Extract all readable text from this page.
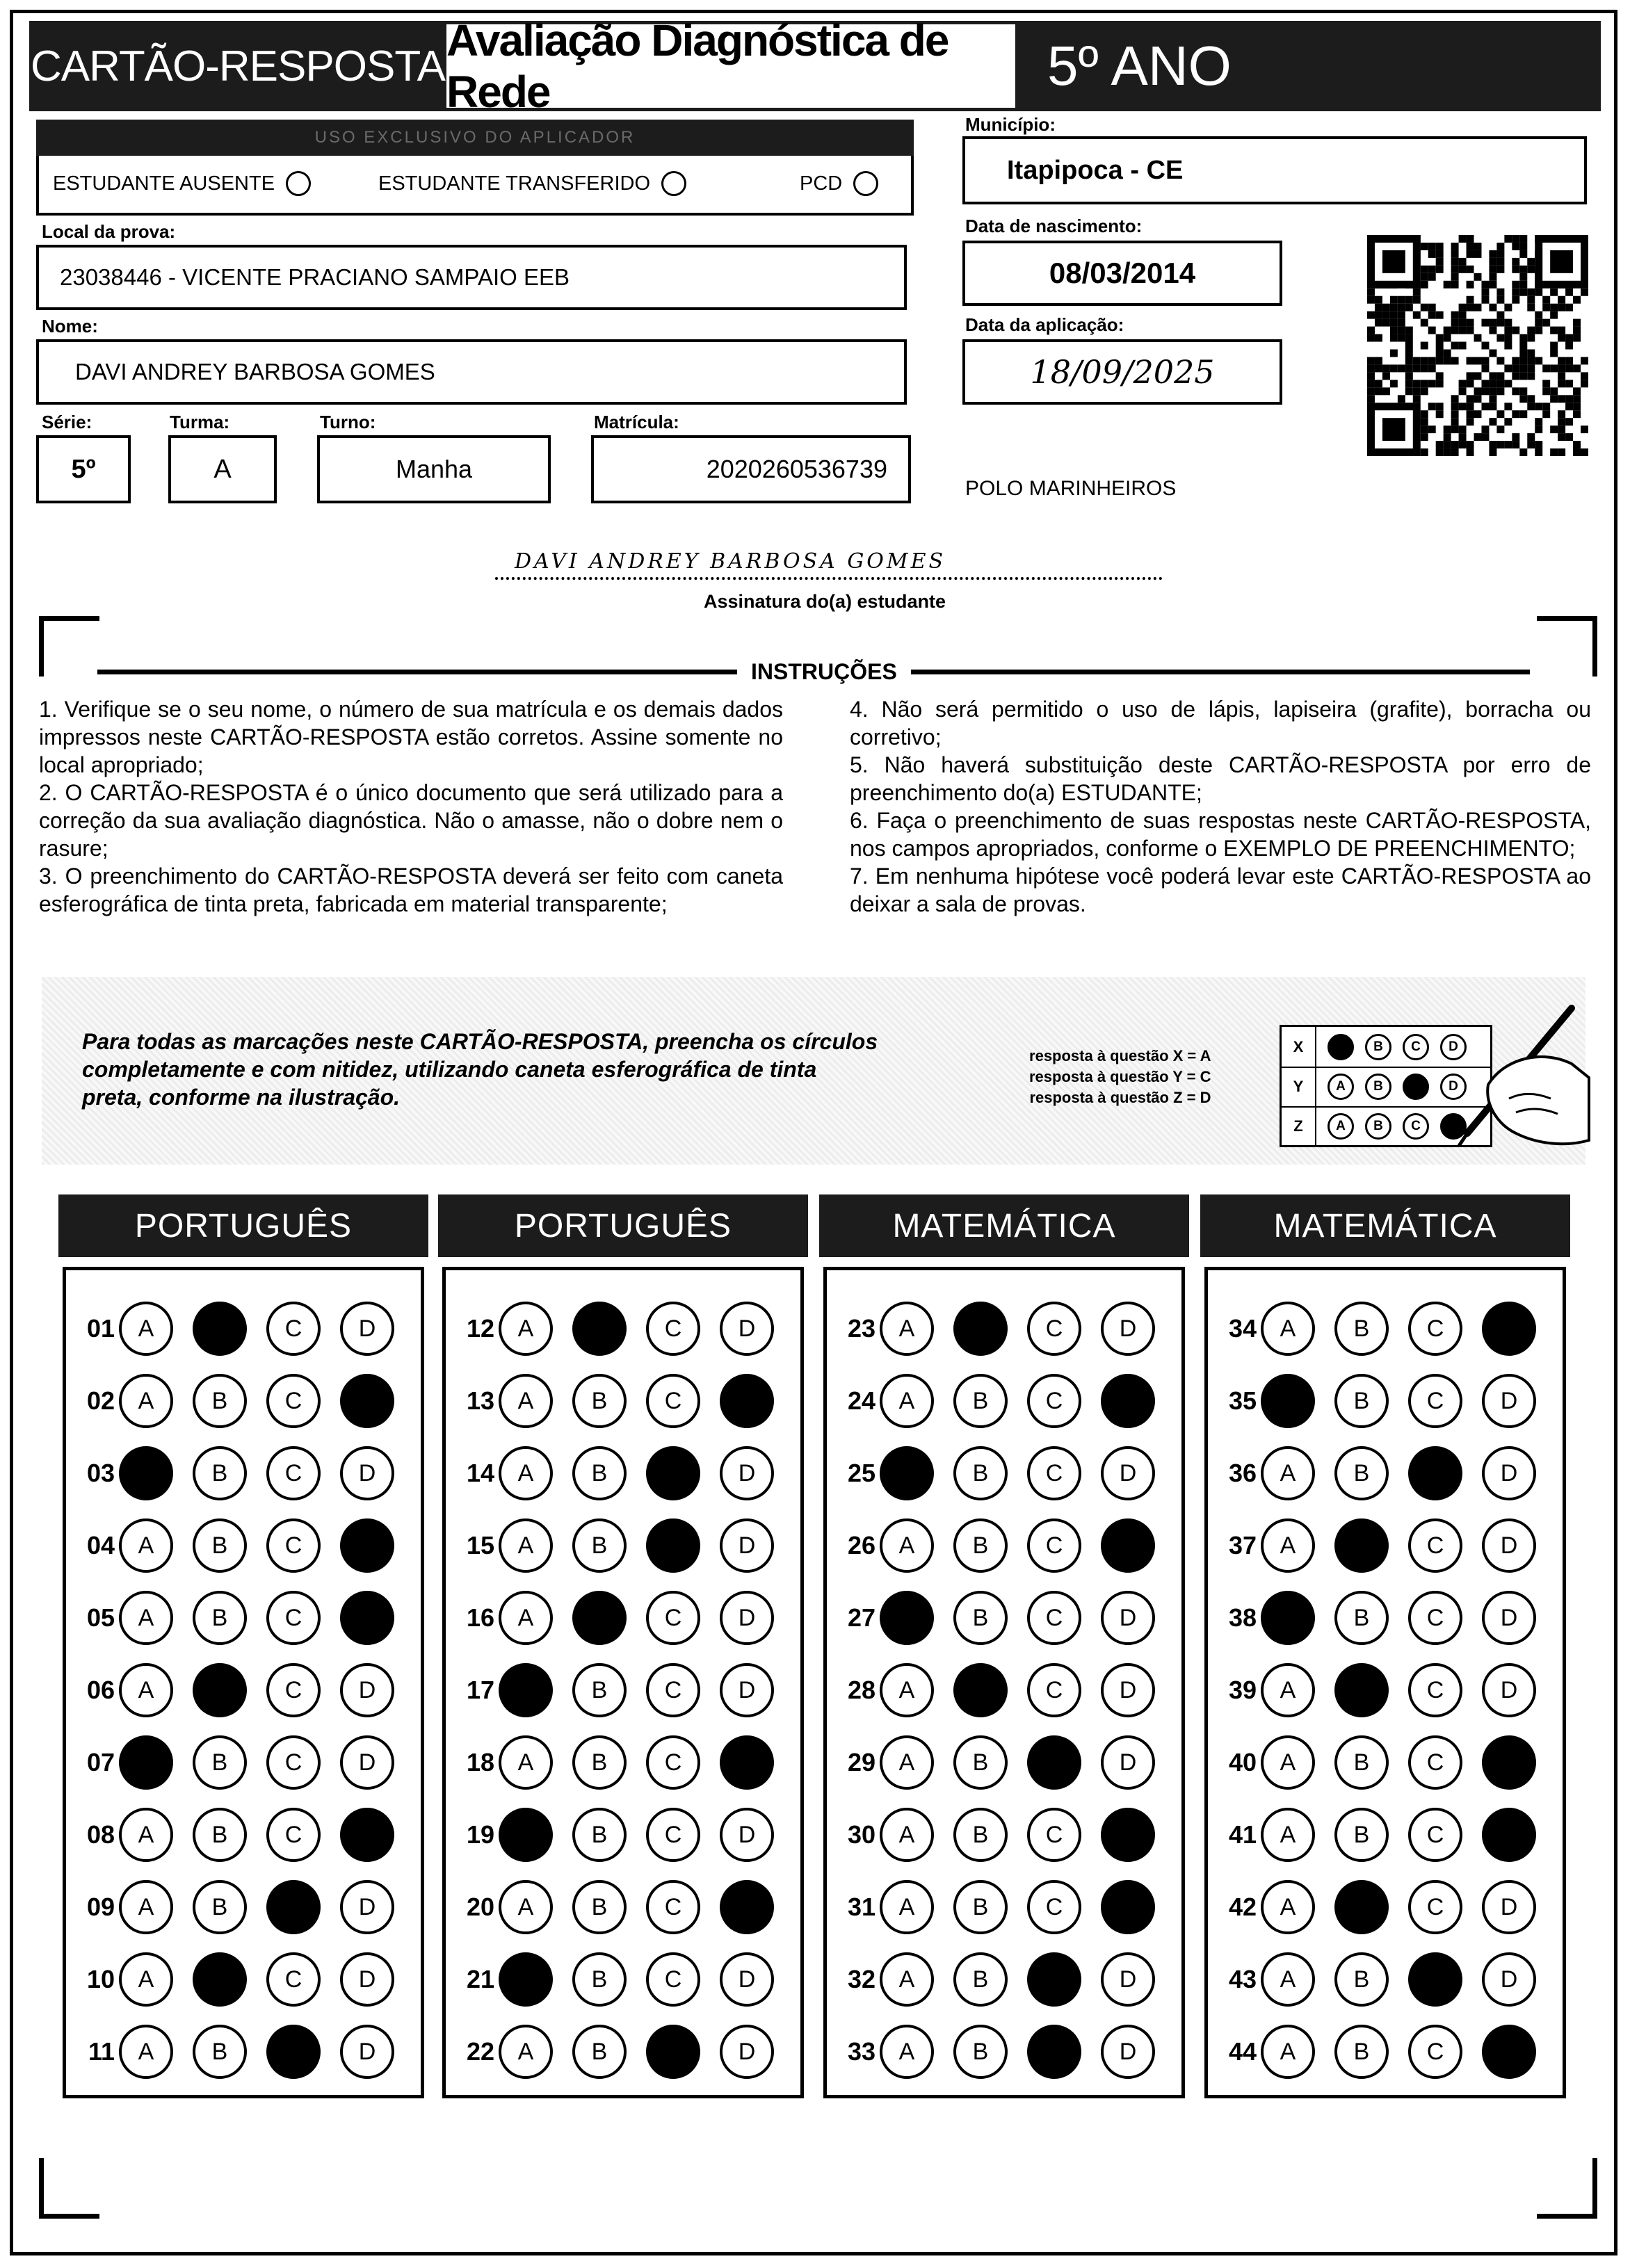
CARTÃO-RESPOSTA
Avaliação Diagnóstica de Rede	5º ANO
USO EXCLUSIVO DO APLICADOR
ESTUDANTE AUSENTE	ESTUDANTE TRANSFERIDO	PCD
Local da prova:
23038446 - VICENTE PRACIANO SAMPAIO EEB
Nome:
DAVI ANDREY BARBOSA GOMES
Série:
5º
Turma:
A
Turno:
Manha
Matrícula:
2020260536739
Município:
Itapipoca - CE
Data de nascimento:
08/03/2014
Data da aplicação:
18/09/2025
POLO MARINHEIROS
DAVI ANDREY BARBOSA GOMES
Assinatura do(a) estudante
INSTRUÇÕES

1. Verifique se o seu nome, o número de sua matrícula e os demais dados impressos neste CARTÃO-RESPOSTA estão corretos. Assine somente no local apropriado;

2. O CARTÃO-RESPOSTA é o único documento que será utilizado para a correção da sua avaliação diagnóstica. Não o amasse, não o dobre nem o rasure;

3. O preenchimento do CARTÃO-RESPOSTA deverá ser feito com caneta esferográfica de tinta preta, fabricada em material transparente;

4. Não será permitido o uso de lápis, lapiseira (grafite), borracha ou corretivo;

5. Não haverá substituição deste CARTÃO-RESPOSTA por erro de preenchimento do(a) ESTUDANTE;

6. Faça o preenchimento de suas respostas neste CARTÃO-RESPOSTA, nos campos apropriados, conforme o EXEMPLO DE PREENCHIMENTO;

7. Em nenhuma hipótese você poderá levar este CARTÃO-RESPOSTA ao deixar a sala de provas.

Para todas as marcações neste CARTÃO-RESPOSTA, preencha os círculos completamente e com nitidez, utilizando caneta esferográfica de tinta preta, conforme na ilustração.
resposta à questão X = A
resposta à questão Y = C
resposta à questão Z = D
X	A	B	C	D
Y	A	B	C	D
Z	A	B	C	D
PORTUGUÊS
01 A	B	C	D
02 A	B	C	D
03 A	B	C	D
04 A	B	C	D
05 A	B	C	D
06 A	B	C	D
07 A	B	C	D
08 A	B	C	D
09 A	B	C	D
10 A	B	C	D
11 A	B	C	D
PORTUGUÊS
12 A	B	C	D
13 A	B	C	D
14 A	B	C	D
15 A	B	C	D
16 A	B	C	D
17 A	B	C	D
18 A	B	C	D
19 A	B	C	D
20 A	B	C	D
21 A	B	C	D
22 A	B	C	D
MATEMÁTICA
23 A	B	C	D
24 A	B	C	D
25 A	B	C	D
26 A	B	C	D
27 A	B	C	D
28 A	B	C	D
29 A	B	C	D
30 A	B	C	D
31 A	B	C	D
32 A	B	C	D
33 A	B	C	D
MATEMÁTICA
34 A	B	C	D
35 A	B	C	D
36 A	B	C	D
37 A	B	C	D
38 A	B	C	D
39 A	B	C	D
40 A	B	C	D
41 A	B	C	D
42 A	B	C	D
43 A	B	C	D
44 A	B	C	D
